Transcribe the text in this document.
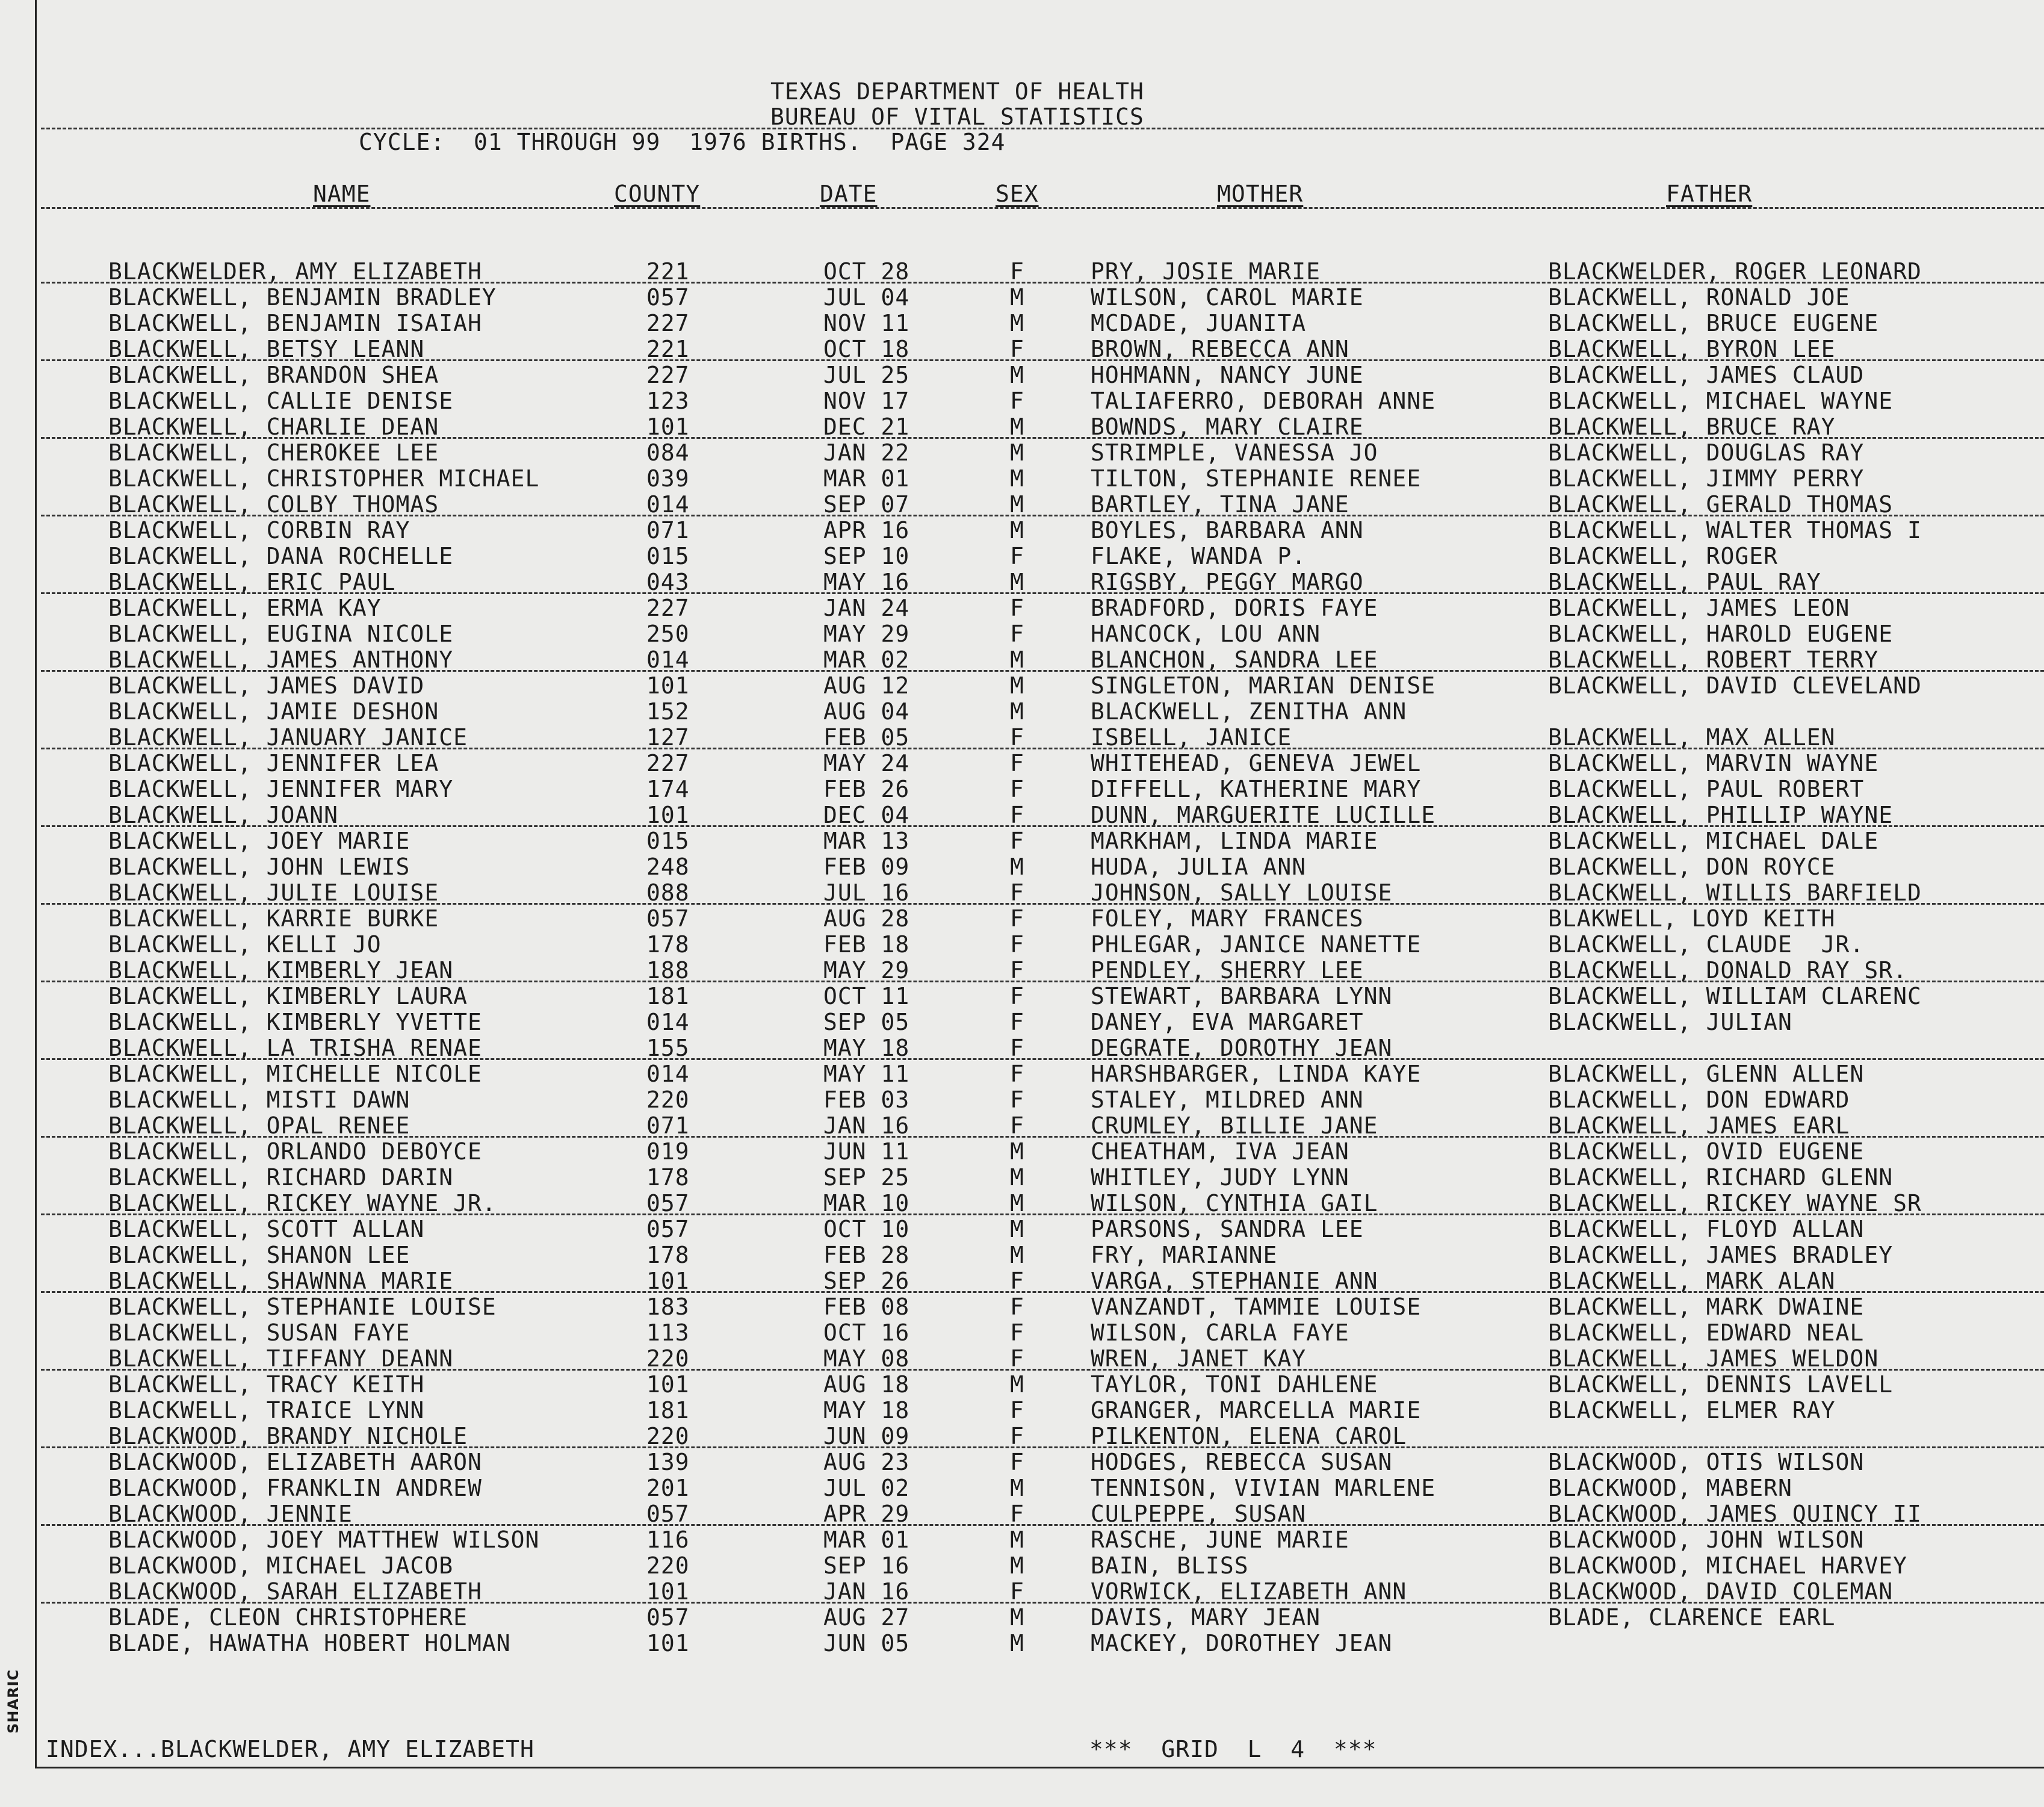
TEXAS DEPARTMENT OF HEALTH
BUREAU OF VITAL STATISTICS
CYCLE:  01 THROUGH 99  1976 BIRTHS.  PAGE 324
NAME	COUNTY	DATE	SEX	MOTHER	FATHER
BLACKWELDER, AMY ELIZABETH	221	OCT 28	F	PRY, JOSIE MARIE	BLACKWELDER, ROGER LEONARD
BLACKWELL, BENJAMIN BRADLEY	057	JUL 04	M	WILSON, CAROL MARIE	BLACKWELL, RONALD JOE
BLACKWELL, BENJAMIN ISAIAH	227	NOV 11	M	MCDADE, JUANITA	BLACKWELL, BRUCE EUGENE
BLACKWELL, BETSY LEANN	221	OCT 18	F	BROWN, REBECCA ANN	BLACKWELL, BYRON LEE
BLACKWELL, BRANDON SHEA	227	JUL 25	M	HOHMANN, NANCY JUNE	BLACKWELL, JAMES CLAUD
BLACKWELL, CALLIE DENISE	123	NOV 17	F	TALIAFERRO, DEBORAH ANNE	BLACKWELL, MICHAEL WAYNE
BLACKWELL, CHARLIE DEAN	101	DEC 21	M	BOWNDS, MARY CLAIRE	BLACKWELL, BRUCE RAY
BLACKWELL, CHEROKEE LEE	084	JAN 22	M	STRIMPLE, VANESSA JO	BLACKWELL, DOUGLAS RAY
BLACKWELL, CHRISTOPHER MICHAEL	039	MAR 01	M	TILTON, STEPHANIE RENEE	BLACKWELL, JIMMY PERRY
BLACKWELL, COLBY THOMAS	014	SEP 07	M	BARTLEY, TINA JANE	BLACKWELL, GERALD THOMAS
BLACKWELL, CORBIN RAY	071	APR 16	M	BOYLES, BARBARA ANN	BLACKWELL, WALTER THOMAS I
BLACKWELL, DANA ROCHELLE	015	SEP 10	F	FLAKE, WANDA P.	BLACKWELL, ROGER
BLACKWELL, ERIC PAUL	043	MAY 16	M	RIGSBY, PEGGY MARGO	BLACKWELL, PAUL RAY
BLACKWELL, ERMA KAY	227	JAN 24	F	BRADFORD, DORIS FAYE	BLACKWELL, JAMES LEON
BLACKWELL, EUGINA NICOLE	250	MAY 29	F	HANCOCK, LOU ANN	BLACKWELL, HAROLD EUGENE
BLACKWELL, JAMES ANTHONY	014	MAR 02	M	BLANCHON, SANDRA LEE	BLACKWELL, ROBERT TERRY
BLACKWELL, JAMES DAVID	101	AUG 12	M	SINGLETON, MARIAN DENISE	BLACKWELL, DAVID CLEVELAND
BLACKWELL, JAMIE DESHON	152	AUG 04	M	BLACKWELL, ZENITHA ANN
BLACKWELL, JANUARY JANICE	127	FEB 05	F	ISBELL, JANICE	BLACKWELL, MAX ALLEN
BLACKWELL, JENNIFER LEA	227	MAY 24	F	WHITEHEAD, GENEVA JEWEL	BLACKWELL, MARVIN WAYNE
BLACKWELL, JENNIFER MARY	174	FEB 26	F	DIFFELL, KATHERINE MARY	BLACKWELL, PAUL ROBERT
BLACKWELL, JOANN	101	DEC 04	F	DUNN, MARGUERITE LUCILLE	BLACKWELL, PHILLIP WAYNE
BLACKWELL, JOEY MARIE	015	MAR 13	F	MARKHAM, LINDA MARIE	BLACKWELL, MICHAEL DALE
BLACKWELL, JOHN LEWIS	248	FEB 09	M	HUDA, JULIA ANN	BLACKWELL, DON ROYCE
BLACKWELL, JULIE LOUISE	088	JUL 16	F	JOHNSON, SALLY LOUISE	BLACKWELL, WILLIS BARFIELD
BLACKWELL, KARRIE BURKE	057	AUG 28	F	FOLEY, MARY FRANCES	BLAKWELL, LOYD KEITH
BLACKWELL, KELLI JO	178	FEB 18	F	PHLEGAR, JANICE NANETTE	BLACKWELL, CLAUDE  JR.
BLACKWELL, KIMBERLY JEAN	188	MAY 29	F	PENDLEY, SHERRY LEE	BLACKWELL, DONALD RAY SR.
BLACKWELL, KIMBERLY LAURA	181	OCT 11	F	STEWART, BARBARA LYNN	BLACKWELL, WILLIAM CLARENC
BLACKWELL, KIMBERLY YVETTE	014	SEP 05	F	DANEY, EVA MARGARET	BLACKWELL, JULIAN
BLACKWELL, LA TRISHA RENAE	155	MAY 18	F	DEGRATE, DOROTHY JEAN
BLACKWELL, MICHELLE NICOLE	014	MAY 11	F	HARSHBARGER, LINDA KAYE	BLACKWELL, GLENN ALLEN
BLACKWELL, MISTI DAWN	220	FEB 03	F	STALEY, MILDRED ANN	BLACKWELL, DON EDWARD
BLACKWELL, OPAL RENEE	071	JAN 16	F	CRUMLEY, BILLIE JANE	BLACKWELL, JAMES EARL
BLACKWELL, ORLANDO DEBOYCE	019	JUN 11	M	CHEATHAM, IVA JEAN	BLACKWELL, OVID EUGENE
BLACKWELL, RICHARD DARIN	178	SEP 25	M	WHITLEY, JUDY LYNN	BLACKWELL, RICHARD GLENN
BLACKWELL, RICKEY WAYNE JR.	057	MAR 10	M	WILSON, CYNTHIA GAIL	BLACKWELL, RICKEY WAYNE SR
BLACKWELL, SCOTT ALLAN	057	OCT 10	M	PARSONS, SANDRA LEE	BLACKWELL, FLOYD ALLAN
BLACKWELL, SHANON LEE	178	FEB 28	M	FRY, MARIANNE	BLACKWELL, JAMES BRADLEY
BLACKWELL, SHAWNNA MARIE	101	SEP 26	F	VARGA, STEPHANIE ANN	BLACKWELL, MARK ALAN
BLACKWELL, STEPHANIE LOUISE	183	FEB 08	F	VANZANDT, TAMMIE LOUISE	BLACKWELL, MARK DWAINE
BLACKWELL, SUSAN FAYE	113	OCT 16	F	WILSON, CARLA FAYE	BLACKWELL, EDWARD NEAL
BLACKWELL, TIFFANY DEANN	220	MAY 08	F	WREN, JANET KAY	BLACKWELL, JAMES WELDON
BLACKWELL, TRACY KEITH	101	AUG 18	M	TAYLOR, TONI DAHLENE	BLACKWELL, DENNIS LAVELL
BLACKWELL, TRAICE LYNN	181	MAY 18	F	GRANGER, MARCELLA MARIE	BLACKWELL, ELMER RAY
BLACKWOOD, BRANDY NICHOLE	220	JUN 09	F	PILKENTON, ELENA CAROL
BLACKWOOD, ELIZABETH AARON	139	AUG 23	F	HODGES, REBECCA SUSAN	BLACKWOOD, OTIS WILSON
BLACKWOOD, FRANKLIN ANDREW	201	JUL 02	M	TENNISON, VIVIAN MARLENE	BLACKWOOD, MABERN
BLACKWOOD, JENNIE	057	APR 29	F	CULPEPPE, SUSAN	BLACKWOOD, JAMES QUINCY II
BLACKWOOD, JOEY MATTHEW WILSON	116	MAR 01	M	RASCHE, JUNE MARIE	BLACKWOOD, JOHN WILSON
BLACKWOOD, MICHAEL JACOB	220	SEP 16	M	BAIN, BLISS	BLACKWOOD, MICHAEL HARVEY
BLACKWOOD, SARAH ELIZABETH	101	JAN 16	F	VORWICK, ELIZABETH ANN	BLACKWOOD, DAVID COLEMAN
BLADE, CLEON CHRISTOPHERE	057	AUG 27	M	DAVIS, MARY JEAN	BLADE, CLARENCE EARL
BLADE, HAWATHA HOBERT HOLMAN	101	JUN 05	M	MACKEY, DOROTHEY JEAN
INDEX...BLACKWELDER, AMY ELIZABETH	***  GRID  L  4  ***
SHARIC
